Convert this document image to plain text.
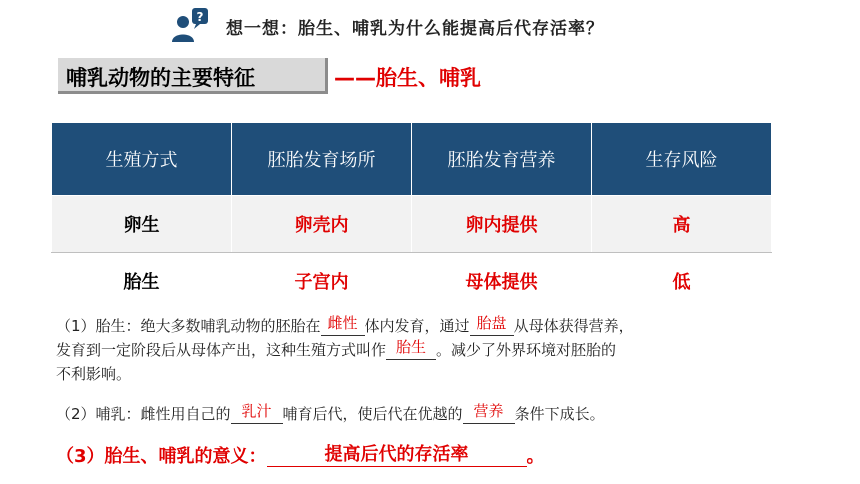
?
想一想：胎生、哺乳为什么能提高后代存活率？
哺乳动物的主要特征	——胎生、哺乳
生殖方式	胚胎发育场所	胚胎发育营养	生存风险
卵生	卵壳内	卵内提供	高
胎生	子宫内	母体提供	低
（1）胎生：绝大多数哺乳动物的胚胎在 雌性 体内发育，通过 胎盘 从母体获得营养，
发育到一定阶段后从母体产出，这种生殖方式叫作 胎生 。减少了外界环境对胚胎的
不利影响。
（2）哺乳：雌性用自己的 乳汁 哺育后代，使后代在优越的 营养 条件下成长。
（3）胎生、哺乳的意义：	提高后代的存活率	。
